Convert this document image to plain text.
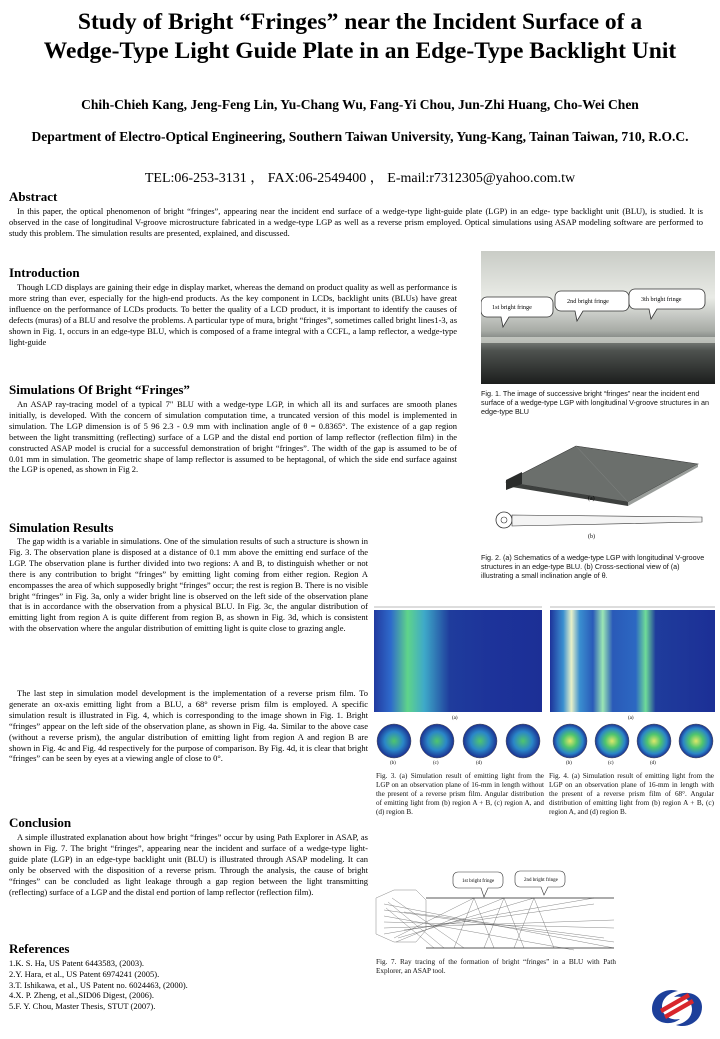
Study of Bright “Fringes” near the Incident Surface of a
Wedge-Type Light Guide Plate in an Edge-Type Backlight Unit
Chih-Chieh Kang, Jeng-Feng Lin, Yu-Chang Wu, Fang-Yi Chou, Jun-Zhi Huang, Cho-Wei Chen
Department of Electro-Optical Engineering, Southern Taiwan University, Yung-Kang, Tainan Taiwan, 710, R.O.C.
TEL:06-253-3131 ， FAX:06-2549400 ， E-mail:r7312305@yahoo.com.tw
Abstract
In this paper, the optical phenomenon of bright “fringes”, appearing near the incident end surface of a wedge-type light-guide plate (LGP) in an edge- type backlight unit (BLU), is studied. It is observed in the case of longitudinal V-groove microstructure fabricated in a wedge-type LGP as well as a reverse prism employed. Optical simulations using ASAP modeling software are performed to study this problem. The simulation results are presented, explained, and discussed.
Introduction
Though LCD displays are gaining their edge in display market, whereas the demand on product quality as well as performance is more string than ever, especially for the high-end products. As the key component in LCDs, backlight units (BLUs) have great influence on the performance of LCDs products. To better the quality of a LCD product, it is important to identify the causes of defects (muras) of a BLU and resolve the problems. A particular type of mura, bright “fringes”, sometimes called bright lines1-3, as shown in Fig. 1, occurs in an edge-type BLU, which is composed of a frame integral with a CCFL, a lamp reflector, a wedge-type light-guide
Simulations Of Bright “Fringes”
An ASAP ray-tracing model of a typical 7" BLU with a wedge-type LGP, in which all its and surfaces are smooth planes initially, is developed. With the concern of simulation computation time, a truncated version of this model is implemented in simulation. The LGP dimension is of 5 96 2.3 - 0.9 mm with inclination angle of θ = 0.8365°. The existence of a gap region between the light transmitting (reflecting) surface of a LGP and the distal end portion of lamp reflector (reflection film) in the constructed ASAP model is crucial for a successful demonstration of bright “fringes”. The width of the gap is assumed to be of 0.01 mm in simulation. The geometric shape of lamp reflector is assumed to be heptagonal, of which the side end surface against the LGP is opened, as shown in Fig 2.
Simulation Results
The gap width is a variable in simulations. One of the simulation results of such a structure is shown in Fig. 3. The observation plane is disposed at a distance of 0.1 mm above the emitting end surface of the LGP. The observation plane is further divided into two regions: A and B, to distinguish whether or not there is any contribution to bright “fringes” by emitting light coming from either region. Region A encompasses the area of which supposedly bright “fringes” occur; the rest is region B. There is no visible bright “fringes” in Fig. 3a, only a wider bright line is observed on the left side of the observation plane that is in accordance with the observation from a physical BLU. In Fig. 3c, the angular distribution of emitting light from region A is quite different from region B, as shown in Fig. 3d, which is consistent with the observation where the angular distribution of emitting light is quite close to grazing angle.
The last step in simulation model development is the implementation of a reverse prism film. To generate an ox-axis emitting light from a BLU, a 68° reverse prism film is employed. A specific simulation result is illustrated in Fig. 4, which is corresponding to the image shown in Fig. 1. Bright “fringes” appear on the left side of the observation plane, as shown in Fig. 4a. Similar to the above case (without a reverse prism), the angular distribution of emitting light from region A and region B are shown in Fig. 4c and Fig. 4d respectively for the purpose of comparison. By Fig. 4d, it is clear that bright “fringes” can be seen by eyes at a viewing angle of close to 0°.
Conclusion
A simple illustrated explanation about how bright “fringes” occur by using Path Explorer in ASAP, as shown in Fig. 7. The bright “fringes”, appearing near the incident and surface of a wedge-type light-guide plate (LGP) in an edge-type backlight unit (BLU) is illustrated through ASAP modeling. It can only be observed with the disposition of a reverse prism. Through the analysis, the cause of bright “fringes” can be concluded as light leakage through a gap region between the light transmitting (reflecting) surface of a LGP and the distal end portion of lamp reflector (reflection film).
References
1.K. S. Ha, US Patent 6443583, (2003).
2.Y. Hara, et al., US Patent 6974241 (2005).
3.T. Ishikawa, et al., US Patent no. 6024463, (2000).
4.X. P. Zheng, et al.,SID06 Digest, (2006).
5.F. Y. Chou, Master Thesis, STUT (2007).
1st bright fringe
2nd bright fringe	3th bright fringe
Fig. 1. The image of successive bright “fringes” near the incident end surface of a wedge-type LGP with longitudinal V-groove structures in an edge-type BLU
(a)
(b)
Fig. 2. (a) Schematics of a wedge-type LGP with longitudinal V-groove structures in an edge-type BLU. (b) Cross-sectional view of (a) illustrating a small inclination angle of θ.
(a)
(b)	(c)	(d)
Fig. 3. (a) Simulation result of emitting light from the LGP on an observation plane of 16-mm in length without the present of a reverse prism film. Angular distribution of emitting light from (b) region A + B, (c) region A, and (d) region B.
(a)
(b)	(c)	(d)
Fig. 4. (a) Simulation result of emitting light from the LGP on an observation plane of 16-mm in length with the present of a reverse prism film of 68°. Angular distribution of emitting light from (b) region A + B, (c) region A, and (d) region B.
1st bright fringe	2nd bright fringe
Fig. 7. Ray tracing of the formation of bright “fringes” in a BLU with Path Explorer, an ASAP tool.
